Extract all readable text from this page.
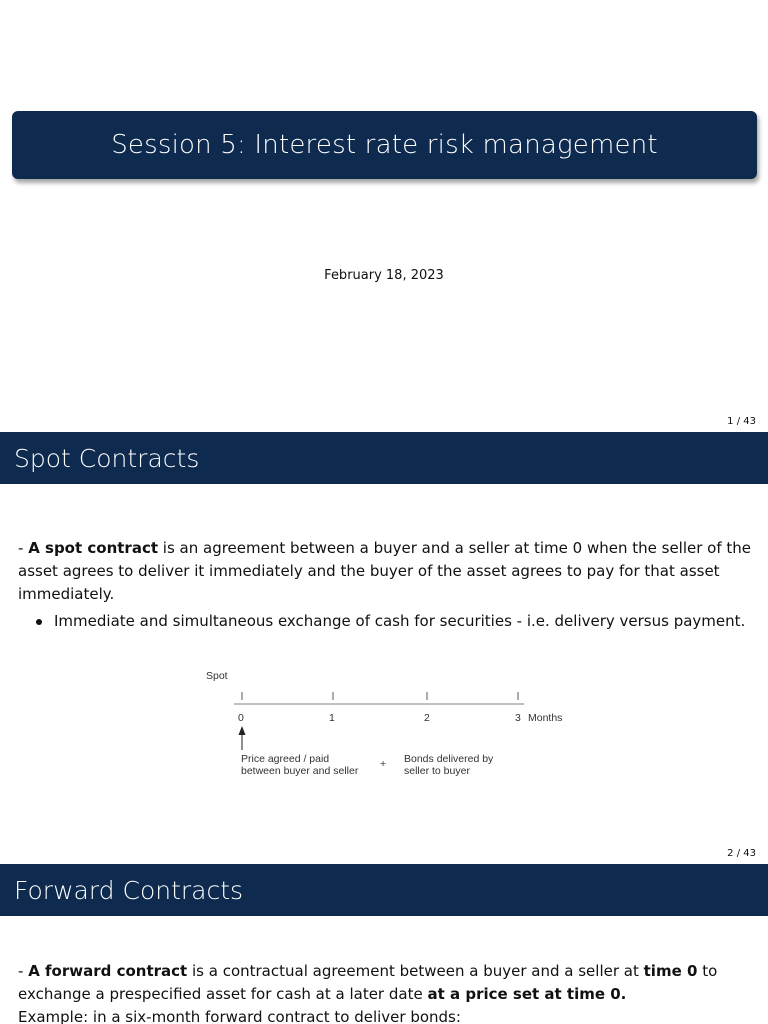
Session 5: Interest rate risk management
February 18, 2023
1 / 43
Spot Contracts
- A spot contract is an agreement between a buyer and a seller at time 0 when the seller of the asset agrees to deliver it immediately and the buyer of the asset agrees to pay for that asset immediately.
Immediate and simultaneous exchange of cash for securities - i.e. delivery versus payment.
Spot
0	1	2	3 Months
Price agreed / paid
between buyer and seller
+ Bonds delivered by
seller to buyer
2 / 43
Forward Contracts
- A forward contract is a contractual agreement between a buyer and a seller at time 0 to exchange a prespecified asset for cash at a later date at a price set at time 0.
Example: in a six-month forward contract to deliver bonds:
